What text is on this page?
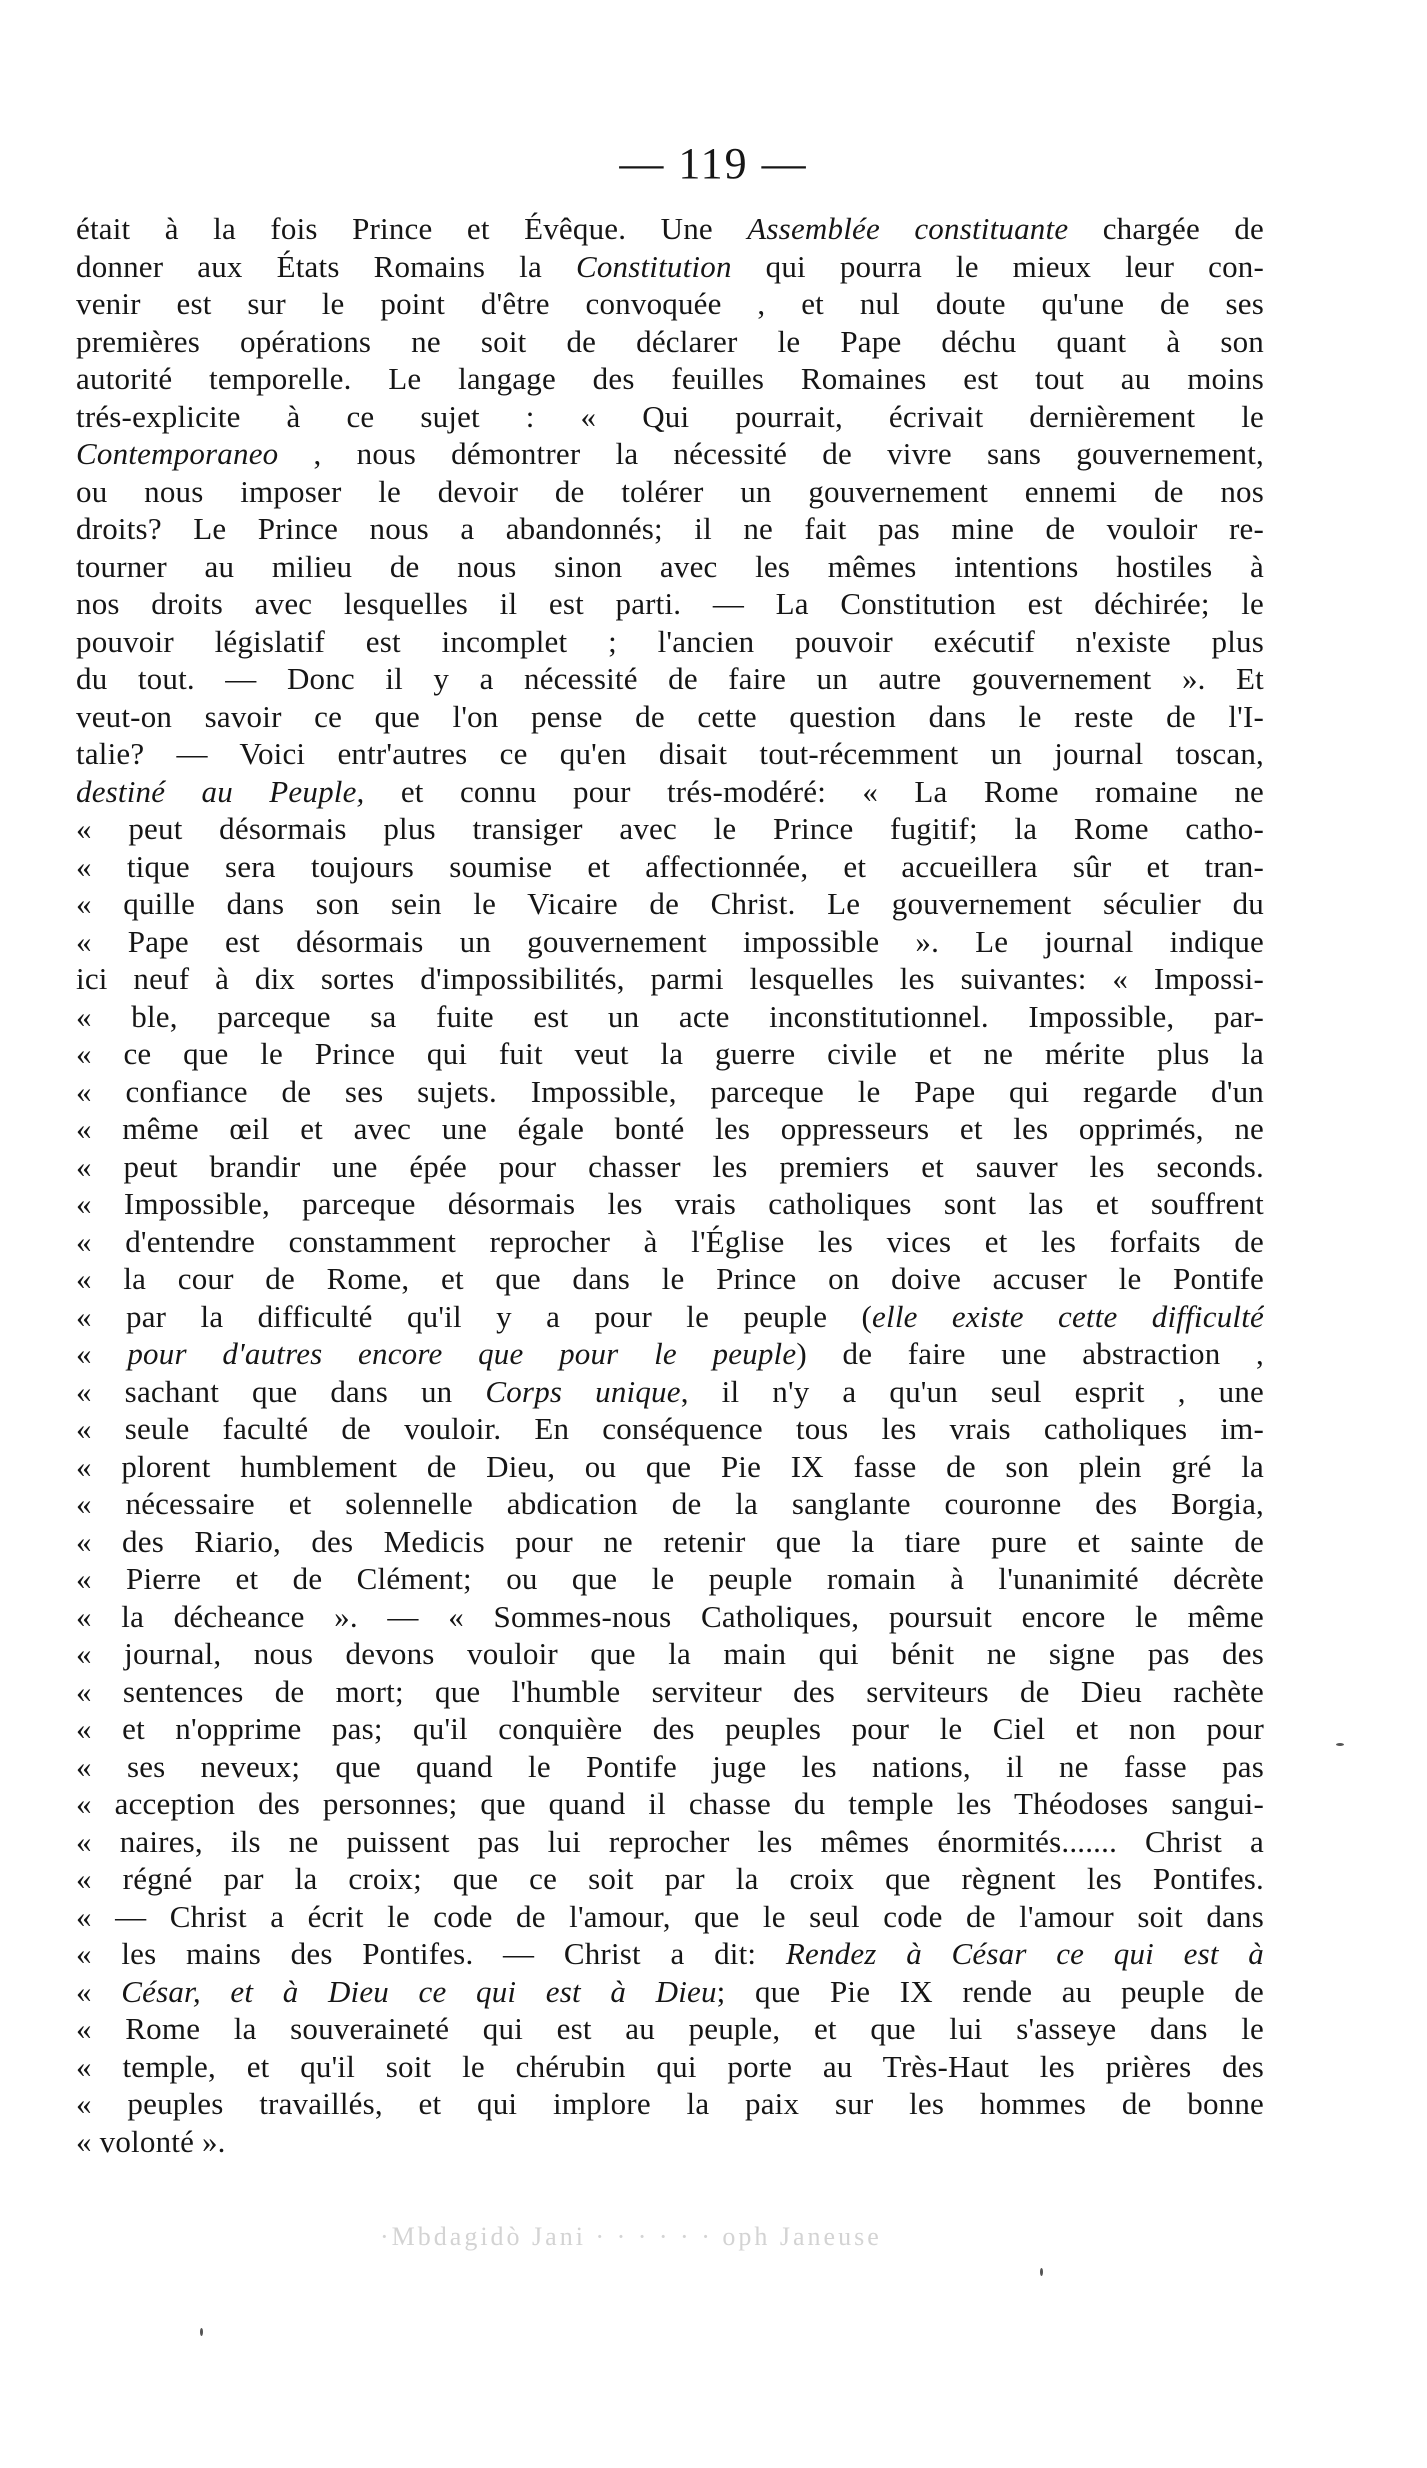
— 119 —
était à la fois Prince et Évêque. Une Assemblée constituante chargée de
donner aux États Romains la Constitution qui pourra le mieux leur con-
venir est sur le point d'être convoquée , et nul doute qu'une de ses
premières opérations ne soit de déclarer le Pape déchu quant à son
autorité temporelle. Le langage des feuilles Romaines est tout au moins
trés-explicite à ce sujet : « Qui pourrait, écrivait dernièrement le
Contemporaneo , nous démontrer la nécessité de vivre sans gouvernement,
ou nous imposer le devoir de tolérer un gouvernement ennemi de nos
droits? Le Prince nous a abandonnés; il ne fait pas mine de vouloir re-
tourner au milieu de nous sinon avec les mêmes intentions hostiles à
nos droits avec lesquelles il est parti. — La Constitution est déchirée; le
pouvoir législatif est incomplet ; l'ancien pouvoir exécutif n'existe plus
du tout. — Donc il y a nécessité de faire un autre gouvernement ». Et
veut-on savoir ce que l'on pense de cette question dans le reste de l'I-
talie? — Voici entr'autres ce qu'en disait tout-récemment un journal toscan,
destiné au Peuple, et connu pour trés-modéré: « La Rome romaine ne
« peut désormais plus transiger avec le Prince fugitif; la Rome catho-
« tique sera toujours soumise et affectionnée, et accueillera sûr et tran-
« quille dans son sein le Vicaire de Christ. Le gouvernement séculier du
« Pape est désormais un gouvernement impossible ». Le journal indique
ici neuf à dix sortes d'impossibilités, parmi lesquelles les suivantes: « Impossi-
« ble, parceque sa fuite est un acte inconstitutionnel. Impossible, par-
« ce que le Prince qui fuit veut la guerre civile et ne mérite plus la
« confiance de ses sujets. Impossible, parceque le Pape qui regarde d'un
« même œil et avec une égale bonté les oppresseurs et les opprimés, ne
« peut brandir une épée pour chasser les premiers et sauver les seconds.
« Impossible, parceque désormais les vrais catholiques sont las et souffrent
« d'entendre constamment reprocher à l'Église les vices et les forfaits de
« la cour de Rome, et que dans le Prince on doive accuser le Pontife
« par la difficulté qu'il y a pour le peuple (elle existe cette difficulté
« pour d'autres encore que pour le peuple) de faire une abstraction ,
« sachant que dans un Corps unique, il n'y a qu'un seul esprit , une
« seule faculté de vouloir. En conséquence tous les vrais catholiques im-
« plorent humblement de Dieu, ou que Pie IX fasse de son plein gré la
« nécessaire et solennelle abdication de la sanglante couronne des Borgia,
« des Riario, des Medicis pour ne retenir que la tiare pure et sainte de
« Pierre et de Clément; ou que le peuple romain à l'unanimité décrète
« la décheance ». — « Sommes-nous Catholiques, poursuit encore le même
« journal, nous devons vouloir que la main qui bénit ne signe pas des
« sentences de mort; que l'humble serviteur des serviteurs de Dieu rachète
« et n'opprime pas; qu'il conquière des peuples pour le Ciel et non pour
« ses neveux; que quand le Pontife juge les nations, il ne fasse pas
« acception des personnes; que quand il chasse du temple les Théodoses sangui-
« naires, ils ne puissent pas lui reprocher les mêmes énormités....... Christ a
« régné par la croix; que ce soit par la croix que règnent les Pontifes.
« — Christ a écrit le code de l'amour, que le seul code de l'amour soit dans
« les mains des Pontifes. — Christ a dit: Rendez à César ce qui est à
« César, et à Dieu ce qui est à Dieu; que Pie IX rende au peuple de
« Rome la souveraineté qui est au peuple, et que lui s'asseye dans le
« temple, et qu'il soit le chérubin qui porte au Très-Haut les prières des
« peuples travaillés, et qui implore la paix sur les hommes de bonne
« volonté ».
·Mbdagidò Jani · · · · · · oph Janeuse
